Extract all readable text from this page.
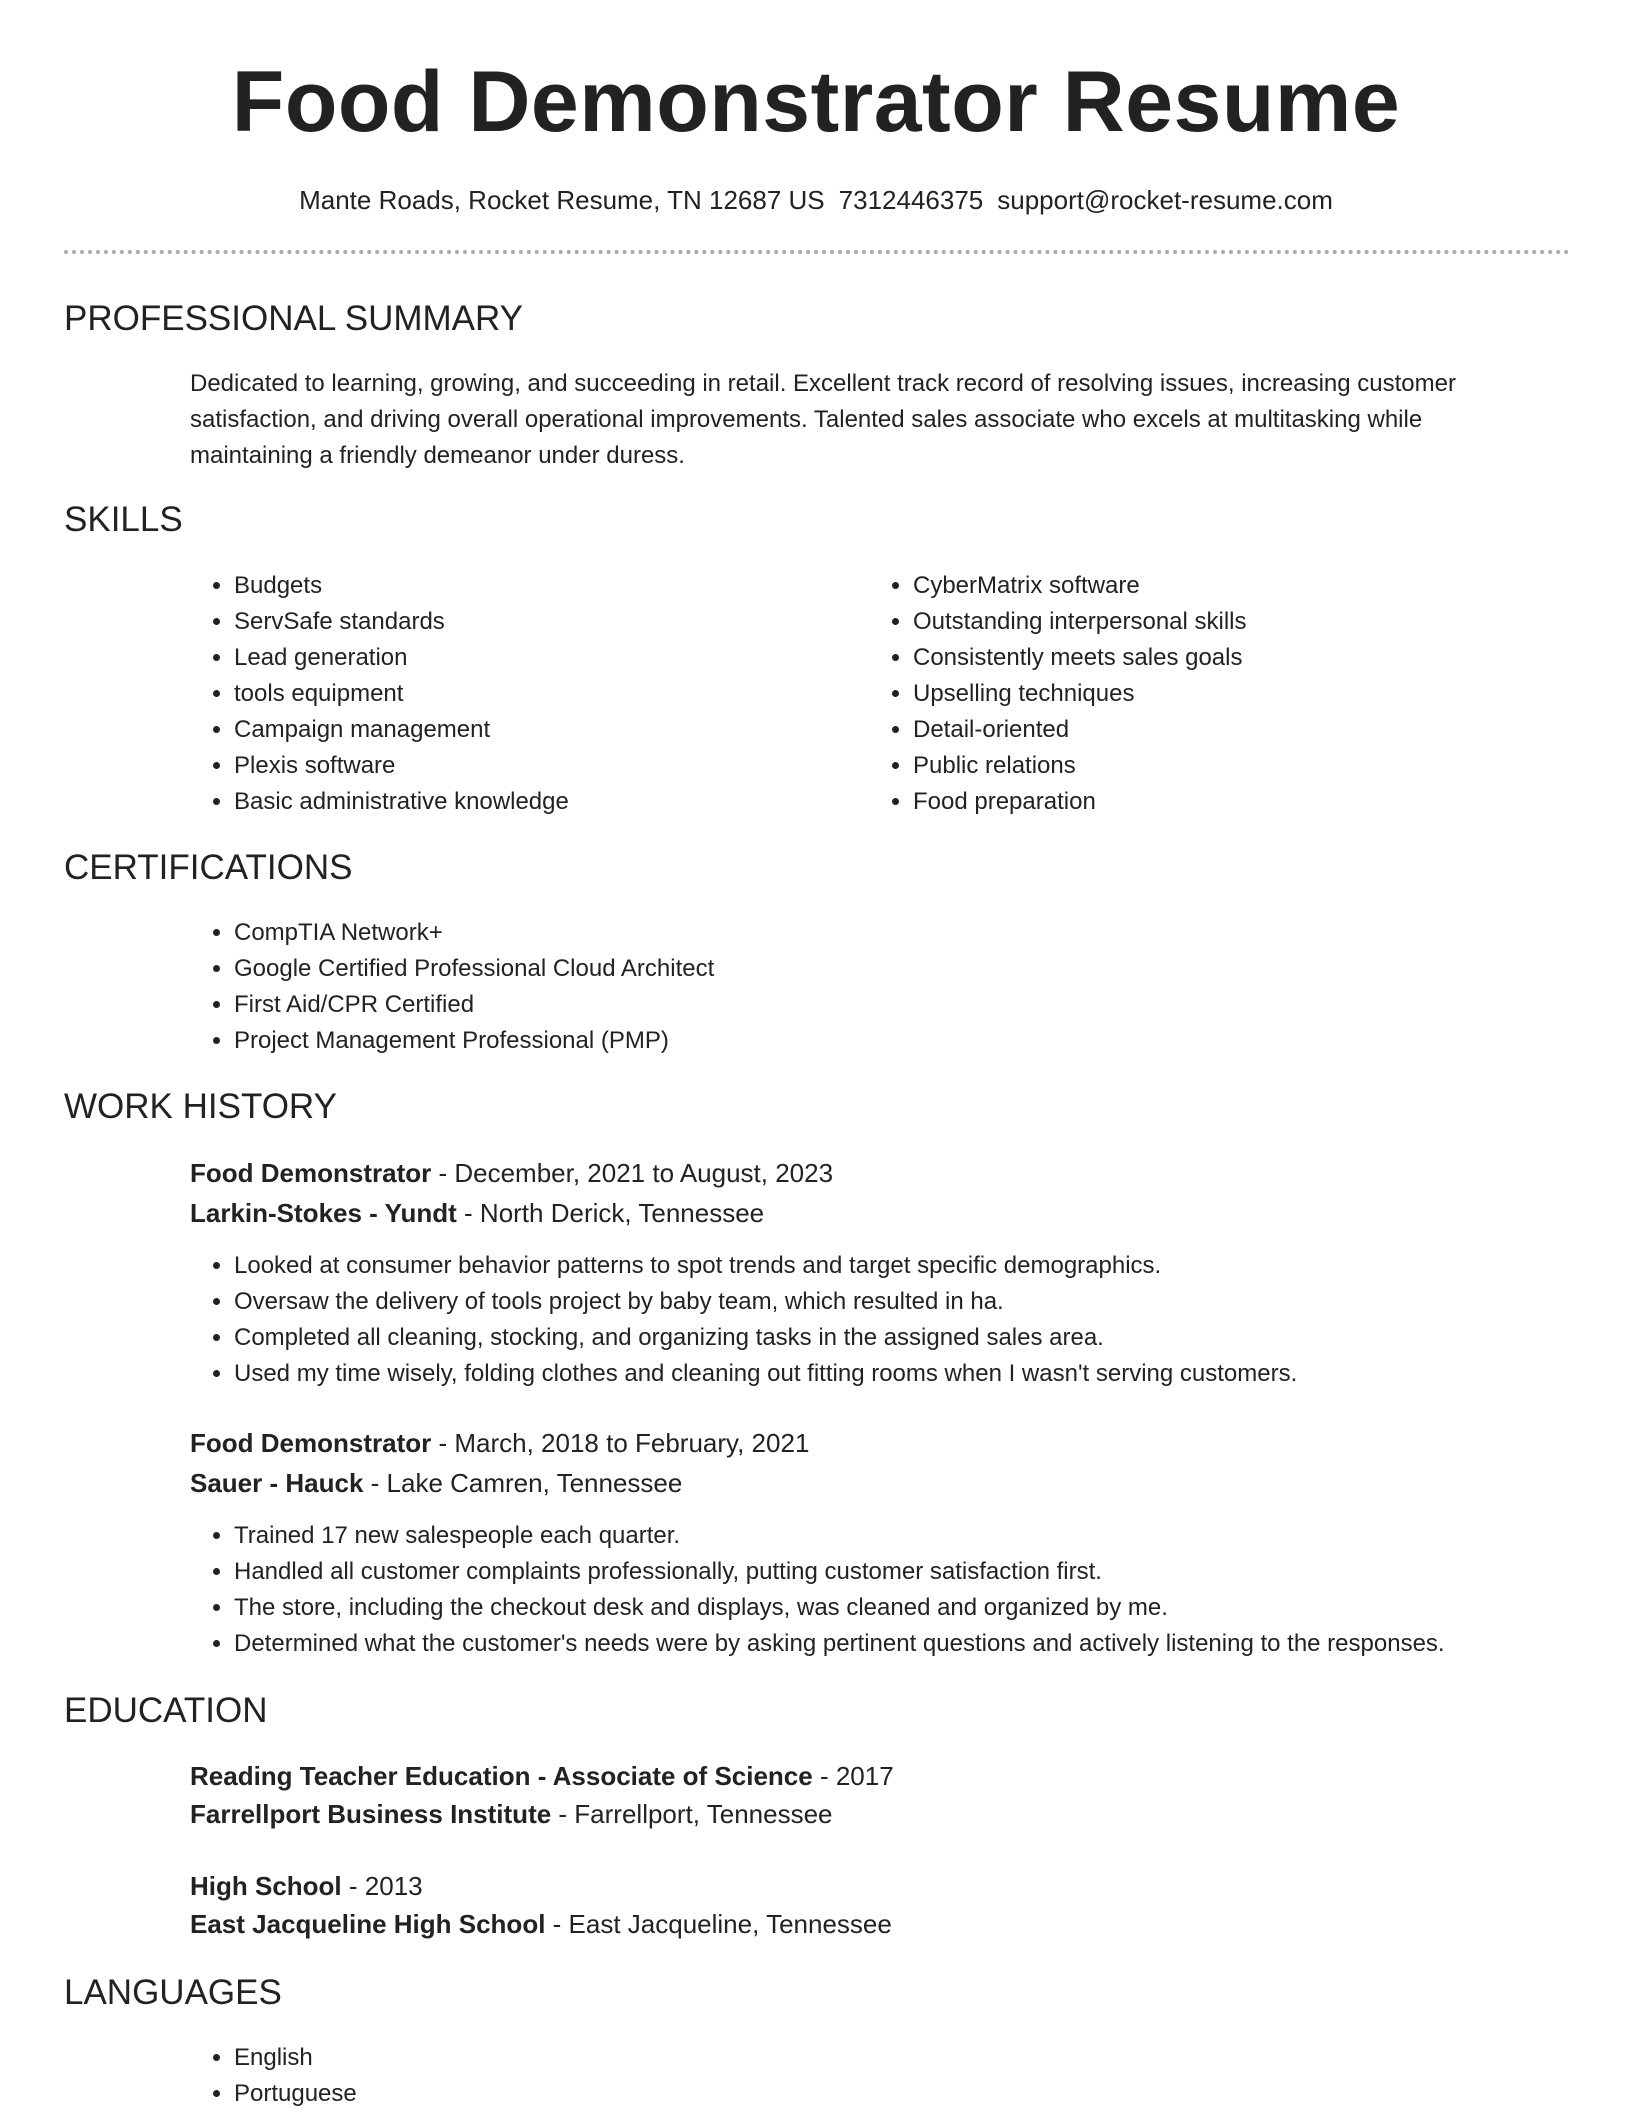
Food Demonstrator Resume
Mante Roads, Rocket Resume, TN 12687 US 7312446375 support@rocket-resume.com
PROFESSIONAL SUMMARY

Dedicated to learning, growing, and succeeding in retail. Excellent track record of resolving issues, increasing customer satisfaction, and driving overall operational improvements. Talented sales associate who excels at multitasking while maintaining a friendly demeanor under duress.

SKILLS
• Budgets
• ServSafe standards
• Lead generation
• tools equipment
• Campaign management
• Plexis software
• Basic administrative knowledge
• CyberMatrix software
• Outstanding interpersonal skills
• Consistently meets sales goals
• Upselling techniques
• Detail-oriented
• Public relations
• Food preparation
CERTIFICATIONS
• CompTIA Network+
• Google Certified Professional Cloud Architect
• First Aid/CPR Certified
• Project Management Professional (PMP)
WORK HISTORY
Food Demonstrator - December, 2021 to August, 2023
Larkin-Stokes - Yundt - North Derick, Tennessee
• Looked at consumer behavior patterns to spot trends and target specific demographics.
• Oversaw the delivery of tools project by baby team, which resulted in ha.
• Completed all cleaning, stocking, and organizing tasks in the assigned sales area.
• Used my time wisely, folding clothes and cleaning out fitting rooms when I wasn't serving customers.
Food Demonstrator - March, 2018 to February, 2021
Sauer - Hauck - Lake Camren, Tennessee
• Trained 17 new salespeople each quarter.
• Handled all customer complaints professionally, putting customer satisfaction first.
• The store, including the checkout desk and displays, was cleaned and organized by me.
• Determined what the customer's needs were by asking pertinent questions and actively listening to the responses.
EDUCATION
Reading Teacher Education - Associate of Science - 2017
Farrellport Business Institute - Farrellport, Tennessee
High School - 2013
East Jacqueline High School - East Jacqueline, Tennessee
LANGUAGES
• English
• Portuguese
